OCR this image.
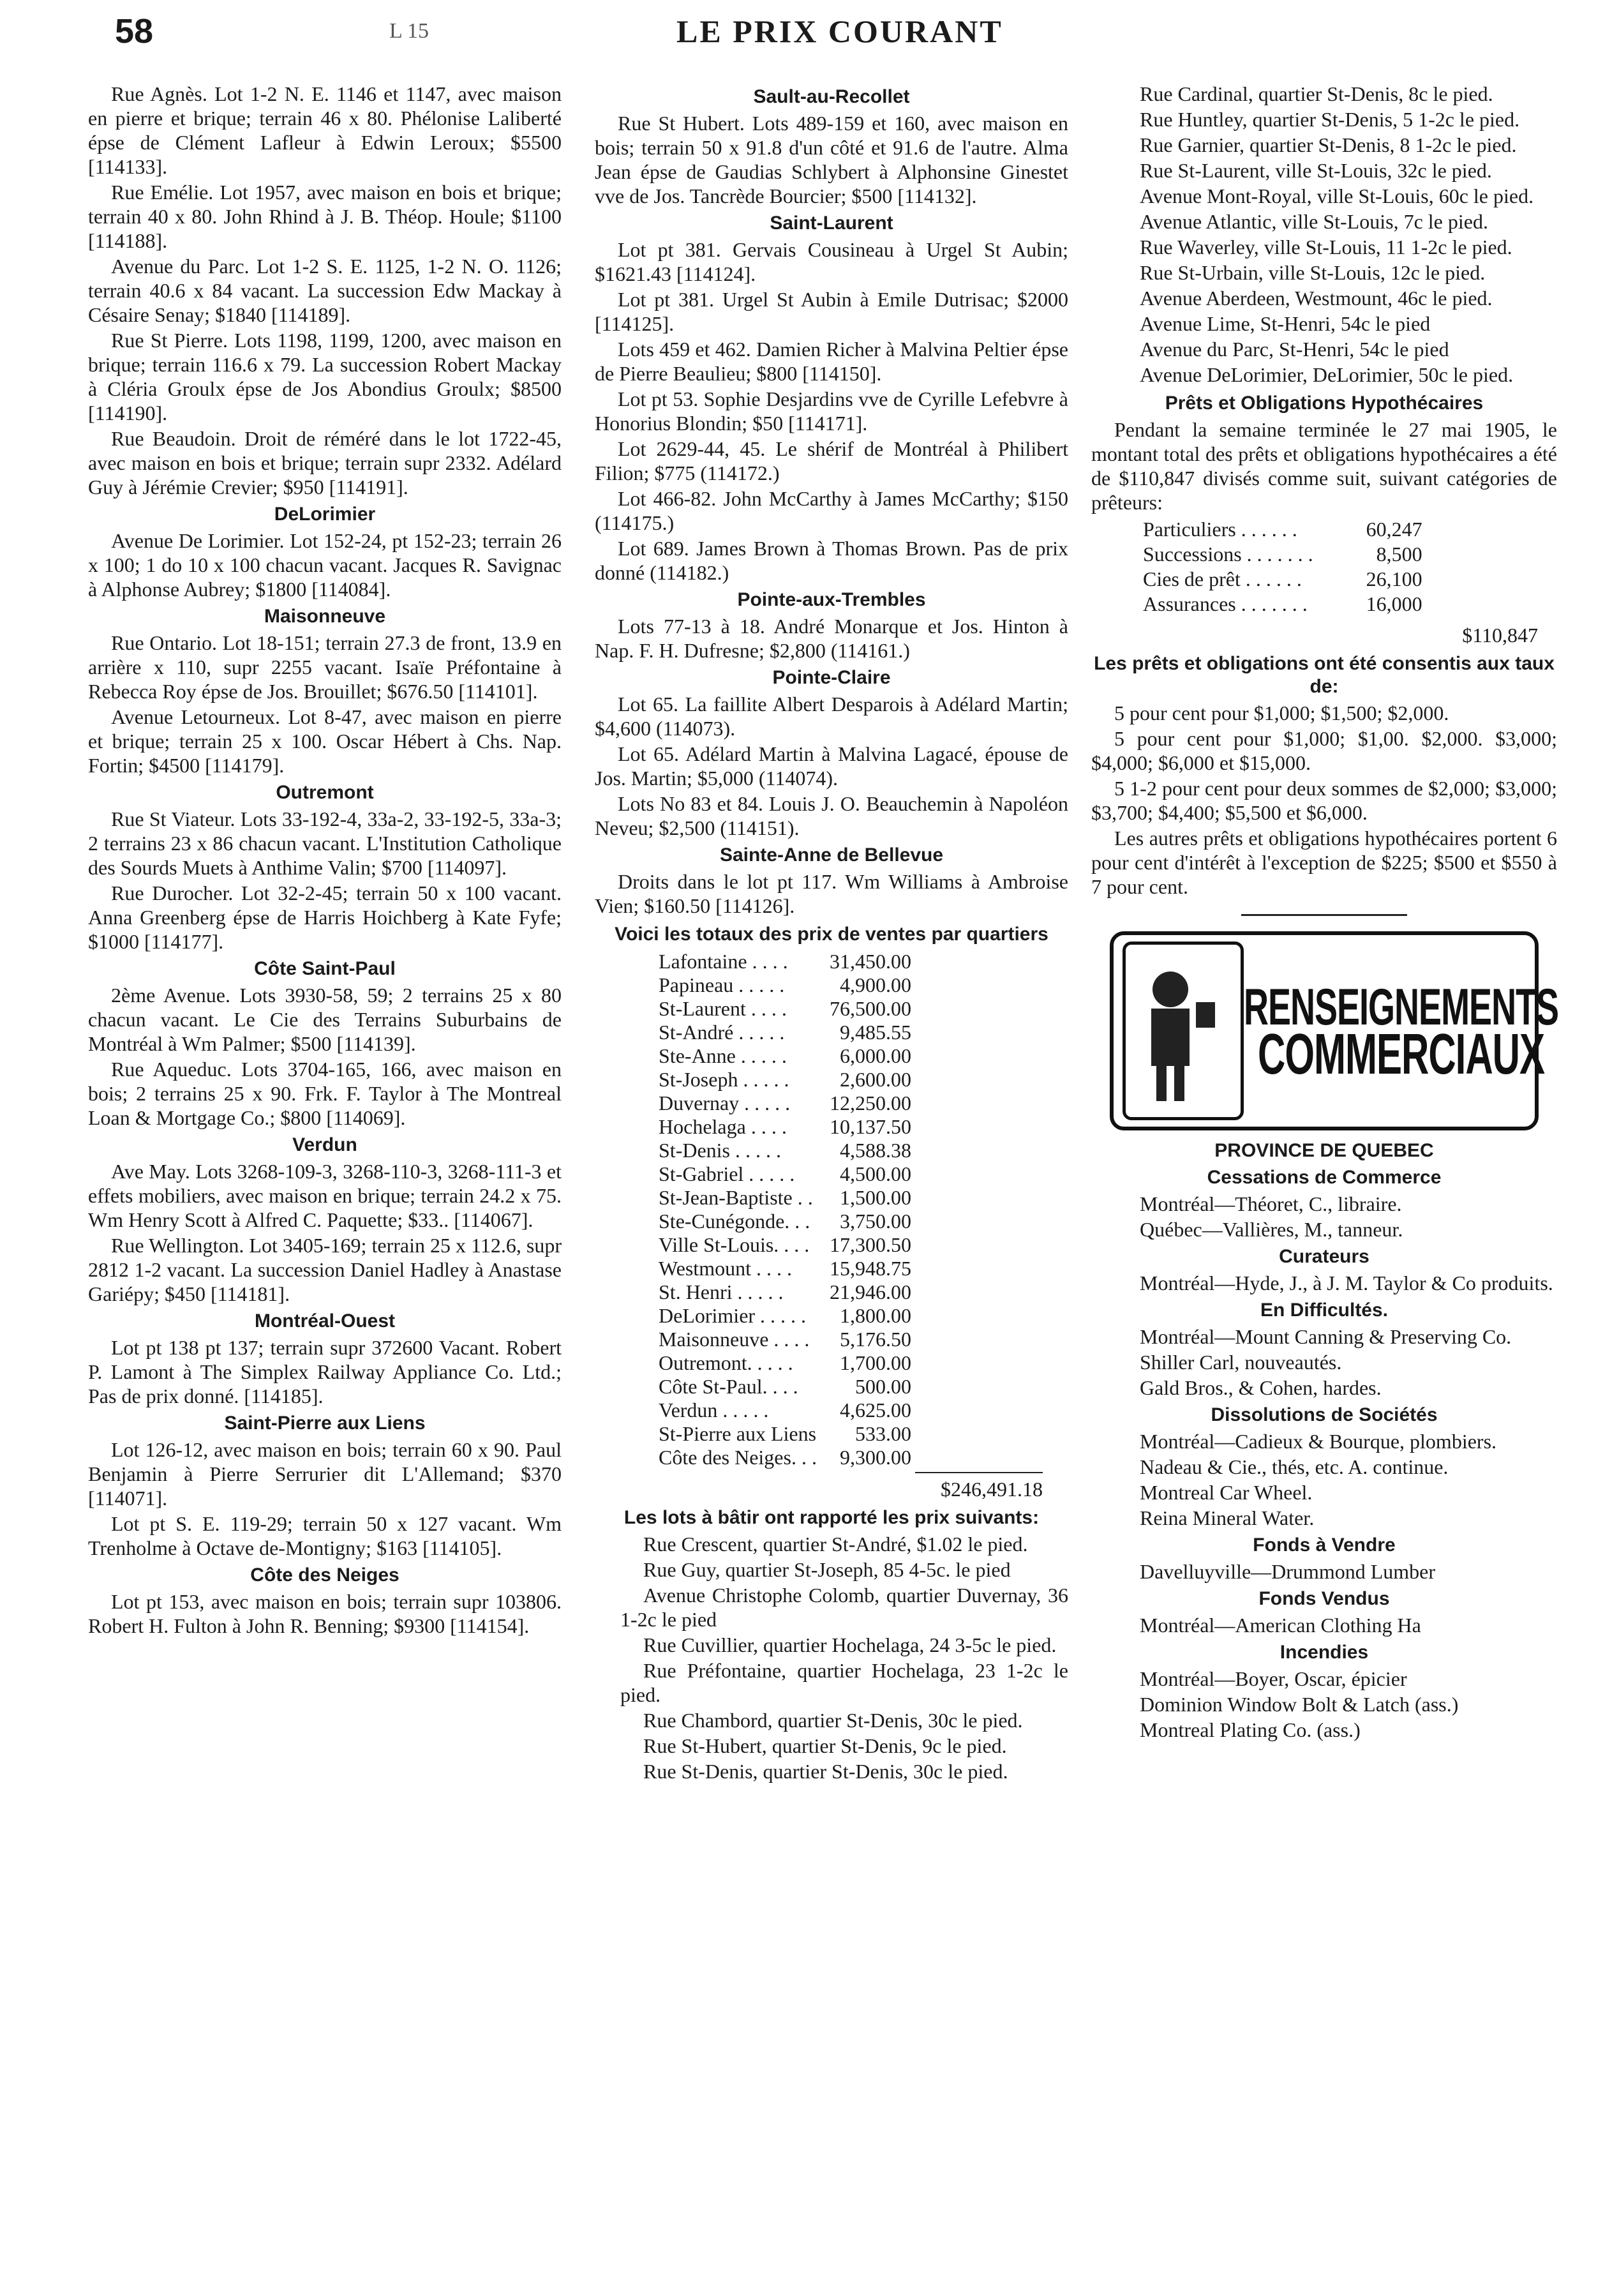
58	L 15	LE PRIX COURANT

Rue Agnès. Lot 1-2 N. E. 1146 et 1147, avec maison en pierre et brique; terrain 46 x 80. Phélonise Laliberté épse de Clément Lafleur à Edwin Leroux; $5500 [114133].

Rue Emélie. Lot 1957, avec maison en bois et brique; terrain 40 x 80. John Rhind à J. B. Théop. Houle; $1100 [114188].

Avenue du Parc. Lot 1-2 S. E. 1125, 1-2 N. O. 1126; terrain 40.6 x 84 vacant. La succession Edw Mackay à Césaire Senay; $1840 [114189].

Rue St Pierre. Lots 1198, 1199, 1200, avec maison en brique; terrain 116.6 x 79. La succession Robert Mackay à Cléria Groulx épse de Jos Abondius Groulx; $8500 [114190].

Rue Beaudoin. Droit de réméré dans le lot 1722-45, avec maison en bois et brique; terrain supr 2332. Adélard Guy à Jérémie Crevier; $950 [114191].

DeLorimier

Avenue De Lorimier. Lot 152-24, pt 152-23; terrain 26 x 100; 1 do 10 x 100 chacun vacant. Jacques R. Savignac à Alphonse Aubrey; $1800 [114084].

Maisonneuve

Rue Ontario. Lot 18-151; terrain 27.3 de front, 13.9 en arrière x 110, supr 2255 vacant. Isaïe Préfontaine à Rebecca Roy épse de Jos. Brouillet; $676.50 [114101].

Avenue Letourneux. Lot 8-47, avec maison en pierre et brique; terrain 25 x 100. Oscar Hébert à Chs. Nap. Fortin; $4500 [114179].

Outremont

Rue St Viateur. Lots 33-192-4, 33a-2, 33-192-5, 33a-3; 2 terrains 23 x 86 chacun vacant. L'Institution Catholique des Sourds Muets à Anthime Valin; $700 [114097].

Rue Durocher. Lot 32-2-45; terrain 50 x 100 vacant. Anna Greenberg épse de Harris Hoichberg à Kate Fyfe; $1000 [114177].

Côte Saint-Paul

2ème Avenue. Lots 3930-58, 59; 2 terrains 25 x 80 chacun vacant. Le Cie des Terrains Suburbains de Montréal à Wm Palmer; $500 [114139].

Rue Aqueduc. Lots 3704-165, 166, avec maison en bois; 2 terrains 25 x 90. Frk. F. Taylor à The Montreal Loan & Mortgage Co.; $800 [114069].

Verdun

Ave May. Lots 3268-109-3, 3268-110-3, 3268-111-3 et effets mobiliers, avec maison en brique; terrain 24.2 x 75. Wm Henry Scott à Alfred C. Paquette; $33.. [114067].

Rue Wellington. Lot 3405-169; terrain 25 x 112.6, supr 2812 1-2 vacant. La succession Daniel Hadley à Anastase Gariépy; $450 [114181].

Montréal-Ouest

Lot pt 138 pt 137; terrain supr 372600 Vacant. Robert P. Lamont à The Simplex Railway Appliance Co. Ltd.; Pas de prix donné. [114185].

Saint-Pierre aux Liens

Lot 126-12, avec maison en bois; terrain 60 x 90. Paul Benjamin à Pierre Serrurier dit L'Allemand; $370 [114071].

Lot pt S. E. 119-29; terrain 50 x 127 vacant. Wm Trenholme à Octave de-Montigny; $163 [114105].

Côte des Neiges

Lot pt 153, avec maison en bois; terrain supr 103806. Robert H. Fulton à John R. Benning; $9300 [114154].

Sault-au-Recollet

Rue St Hubert. Lots 489-159 et 160, avec maison en bois; terrain 50 x 91.8 d'un côté et 91.6 de l'autre. Alma Jean épse de Gaudias Schlybert à Alphonsine Ginestet vve de Jos. Tancrède Bourcier; $500 [114132].

Saint-Laurent

Lot pt 381. Gervais Cousineau à Urgel St Aubin; $1621.43 [114124].

Lot pt 381. Urgel St Aubin à Emile Dutrisac; $2000 [114125].

Lots 459 et 462. Damien Richer à Malvina Peltier épse de Pierre Beaulieu; $800 [114150].

Lot pt 53. Sophie Desjardins vve de Cyrille Lefebvre à Honorius Blondin; $50 [114171].

Lot 2629-44, 45. Le shérif de Montréal à Philibert Filion; $775 (114172.)

Lot 466-82. John McCarthy à James McCarthy; $150 (114175.)

Lot 689. James Brown à Thomas Brown. Pas de prix donné (114182.)

Pointe-aux-Trembles

Lots 77-13 à 18. André Monarque et Jos. Hinton à Nap. F. H. Dufresne; $2,800 (114161.)

Pointe-Claire

Lot 65. La faillite Albert Desparois à Adélard Martin; $4,600 (114073).

Lot 65. Adélard Martin à Malvina Lagacé, épouse de Jos. Martin; $5,000 (114074).

Lots No 83 et 84. Louis J. O. Beauchemin à Napoléon Neveu; $2,500 (114151).

Sainte-Anne de Bellevue

Droits dans le lot pt 117. Wm Williams à Ambroise Vien; $160.50 [114126].

Voici les totaux des prix de ventes par quartiers
Lafontaine . . . .	31,450.00
Papineau . . . . .	4,900.00
St-Laurent . . . .	76,500.00
St-André . . . . .	9,485.55
Ste-Anne . . . . .	6,000.00
St-Joseph . . . . .	2,600.00
Duvernay . . . . .	12,250.00
Hochelaga . . . .	10,137.50
St-Denis . . . . .	4,588.38
St-Gabriel . . . . .	4,500.00
St-Jean-Baptiste . .	1,500.00
Ste-Cunégonde. . .	3,750.00
Ville St-Louis. . . .	17,300.50
Westmount . . . .	15,948.75
St. Henri . . . . .	21,946.00
DeLorimier . . . . .	1,800.00
Maisonneuve . . . .	5,176.50
Outremont. . . . .	1,700.00
Côte St-Paul. . . .	500.00
Verdun . . . . .	4,625.00
St-Pierre aux Liens	533.00
Côte des Neiges. . .	9,300.00
$246,491.18
Les lots à bâtir ont rapporté les prix suivants:

Rue Crescent, quartier St-André, $1.02 le pied.

Rue Guy, quartier St-Joseph, 85 4-5c. le pied

Avenue Christophe Colomb, quartier Duvernay, 36 1-2c le pied

Rue Cuvillier, quartier Hochelaga, 24 3-5c le pied.

Rue Préfontaine, quartier Hochelaga, 23 1-2c le pied.

Rue Chambord, quartier St-Denis, 30c le pied.

Rue St-Hubert, quartier St-Denis, 9c le pied.

Rue St-Denis, quartier St-Denis, 30c le pied.

Rue Cardinal, quartier St-Denis, 8c le pied.

Rue Huntley, quartier St-Denis, 5 1-2c le pied.

Rue Garnier, quartier St-Denis, 8 1-2c le pied.

Rue St-Laurent, ville St-Louis, 32c le pied.

Avenue Mont-Royal, ville St-Louis, 60c le pied.

Avenue Atlantic, ville St-Louis, 7c le pied.

Rue Waverley, ville St-Louis, 11 1-2c le pied.

Rue St-Urbain, ville St-Louis, 12c le pied.

Avenue Aberdeen, Westmount, 46c le pied.

Avenue Lime, St-Henri, 54c le pied

Avenue du Parc, St-Henri, 54c le pied

Avenue DeLorimier, DeLorimier, 50c le pied.

Prêts et Obligations Hypothécaires

Pendant la semaine terminée le 27 mai 1905, le montant total des prêts et obligations hypothécaires a été de $110,847 divisés comme suit, suivant catégories de prêteurs:

Particuliers . . . . . .	60,247
Successions . . . . . . .	8,500
Cies de prêt . . . . . .	26,100
Assurances . . . . . . .	16,000
$110,847
Les prêts et obligations ont été consentis aux taux de:

5 pour cent pour $1,000; $1,500; $2,000.

5 pour cent pour $1,000; $1,00. $2,000. $3,000; $4,000; $6,000 et $15,000.

5 1-2 pour cent pour deux sommes de $2,000; $3,000; $3,700; $4,400; $5,500 et $6,000.

Les autres prêts et obligations hypothécaires portent 6 pour cent d'intérêt à l'exception de $225; $500 et $550 à 7 pour cent.

RENSEIGNEMENTS
COMMERCIAUX
PROVINCE DE QUEBEC
Cessations de Commerce

Montréal—Théoret, C., libraire.

Québec—Vallières, M., tanneur.

Curateurs

Montréal—Hyde, J., à J. M. Taylor & Co produits.

En Difficultés.

Montréal—Mount Canning & Preserving Co.

Shiller Carl, nouveautés.

Gald Bros., & Cohen, hardes.

Dissolutions de Sociétés

Montréal—Cadieux & Bourque, plombiers.

Nadeau & Cie., thés, etc. A. continue.

Montreal Car Wheel.

Reina Mineral Water.

Fonds à Vendre

Davelluyville—Drummond Lumber

Fonds Vendus

Montréal—American Clothing Ha

Incendies

Montréal—Boyer, Oscar, épicier

Dominion Window Bolt & Latch (ass.)

Montreal Plating Co. (ass.)
